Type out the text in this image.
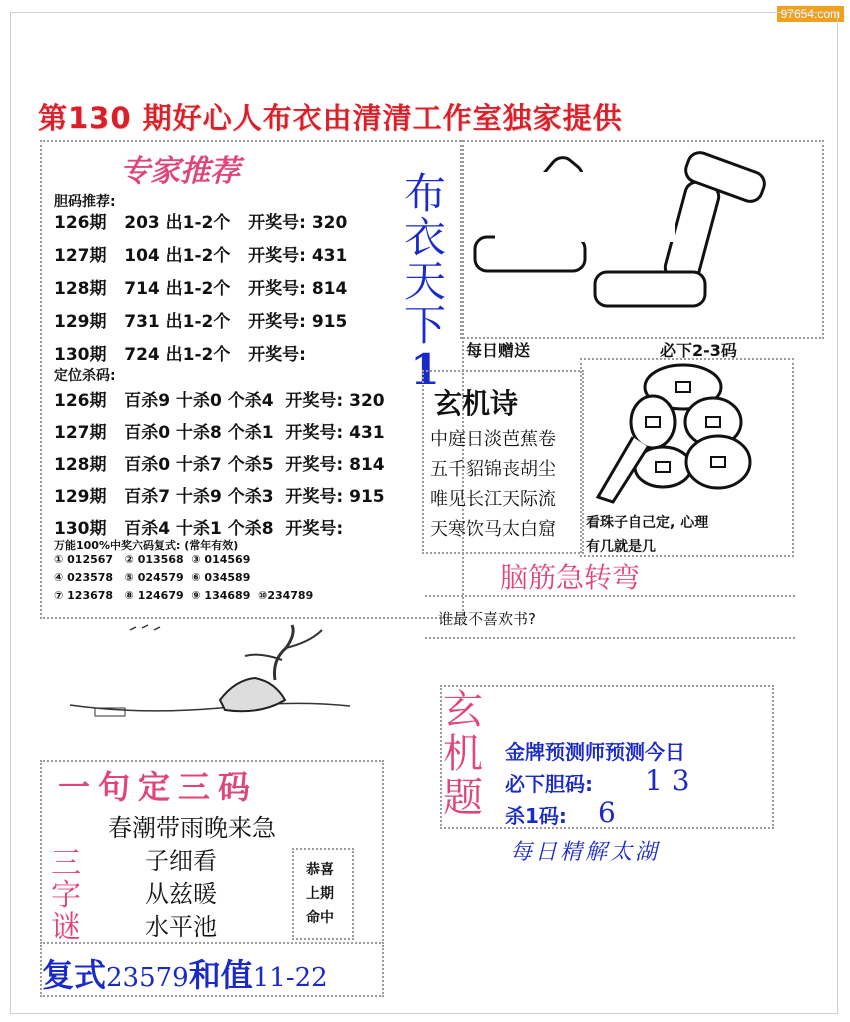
97654.com
第130 期好心人布衣由清清工作室独家提供
专家推荐
胆码推荐:
126期   203 出1-2个   开奖号: 320
127期   104 出1-2个   开奖号: 431
128期   714 出1-2个   开奖号: 814
129期   731 出1-2个   开奖号: 915
130期   724 出1-2个   开奖号:
定位杀码:
126期   百杀9 十杀0 个杀4  开奖号: 320
127期   百杀0 十杀8 个杀1  开奖号: 431
128期   百杀0 十杀7 个杀5  开奖号: 814
129期   百杀7 十杀9 个杀3  开奖号: 915
130期   百杀4 十杀1 个杀8  开奖号:
万能100%中奖六码复式: (常年有效)
① 012567   ② 013568  ③ 014569
④ 023578   ⑤ 024579  ⑥ 034589
⑦ 123678   ⑧ 124679  ⑨ 134689  ⑩234789
布
衣
天
下
1	每日赠送	必下2-3码
玄机诗
中庭日淡芭蕉卷
五千貂锦丧胡尘
唯见长江天际流
天寒饮马太白窟 看珠子自己定, 心理
有几就是几
脑筋急转弯
谁最不喜欢书?
玄
机
题
金牌预测师预测今日
必下胆码: 1 3
杀1码: 6
每日精解太湖
一句定三码
春潮带雨晚来急
三
字
谜
子细看
从兹暖
水平池
恭喜
上期
命中
复式23579和值11-22
